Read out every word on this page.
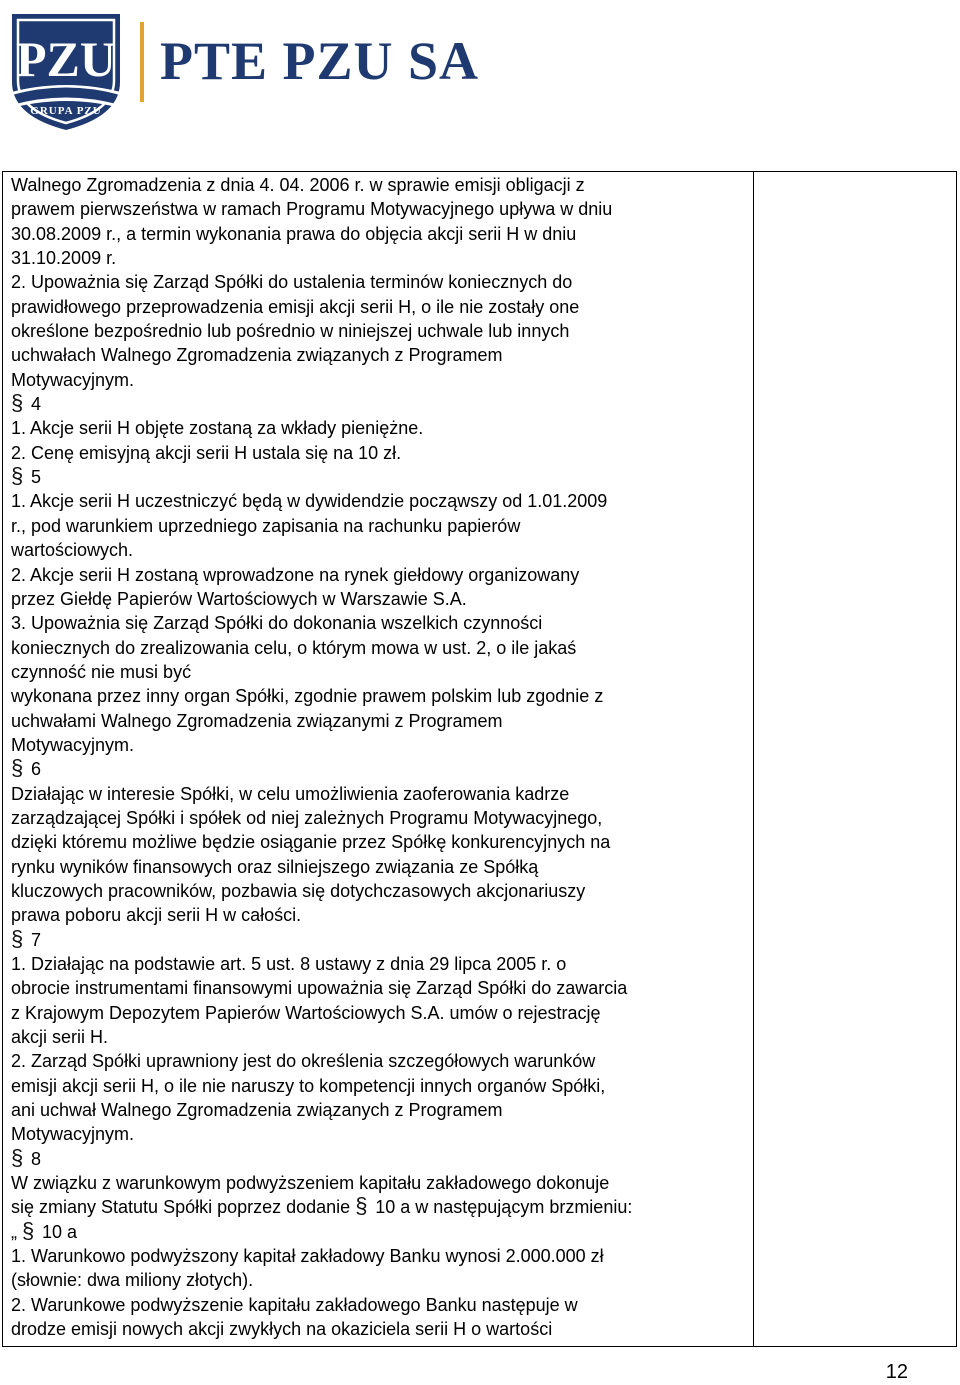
PZU
GRUPA PZU
PTE PZU SA

Walnego Zgromadzenia z dnia 4. 04. 2006 r. w sprawie emisji obligacji z

prawem pierwszeństwa w ramach Programu Motywacyjnego upływa w dniu

30.08.2009 r., a termin wykonania prawa do objęcia akcji serii H w dniu

31.10.2009 r.

2. Upoważnia się Zarząd Spółki do ustalenia terminów koniecznych do

prawidłowego przeprowadzenia emisji akcji serii H, o ile nie zostały one

określone bezpośrednio lub pośrednio w niniejszej uchwale lub innych

uchwałach Walnego Zgromadzenia związanych z Programem

Motywacyjnym.

§4

1. Akcje serii H objęte zostaną za wkłady pieniężne.

2. Cenę emisyjną akcji serii H ustala się na 10 zł.

§5

1. Akcje serii H uczestniczyć będą w dywidendzie począwszy od 1.01.2009

r., pod warunkiem uprzedniego zapisania na rachunku papierów

wartościowych.

2. Akcje serii H zostaną wprowadzone na rynek giełdowy organizowany

przez Giełdę Papierów Wartościowych w Warszawie S.A.

3. Upoważnia się Zarząd Spółki do dokonania wszelkich czynności

koniecznych do zrealizowania celu, o którym mowa w ust. 2, o ile jakaś

czynność nie musi być

wykonana przez inny organ Spółki, zgodnie prawem polskim lub zgodnie z

uchwałami Walnego Zgromadzenia związanymi z Programem

Motywacyjnym.

§6

Działając w interesie Spółki, w celu umożliwienia zaoferowania kadrze

zarządzającej Spółki i spółek od niej zależnych Programu Motywacyjnego,

dzięki któremu możliwe będzie osiąganie przez Spółkę konkurencyjnych na

rynku wyników finansowych oraz silniejszego związania ze Spółką

kluczowych pracowników, pozbawia się dotychczasowych akcjonariuszy

prawa poboru akcji serii H w całości.

§7

1. Działając na podstawie art. 5 ust. 8 ustawy z dnia 29 lipca 2005 r. o

obrocie instrumentami finansowymi upoważnia się Zarząd Spółki do zawarcia

z Krajowym Depozytem Papierów Wartościowych S.A. umów o rejestrację

akcji serii H.

2. Zarząd Spółki uprawniony jest do określenia szczegółowych warunków

emisji akcji serii H, o ile nie naruszy to kompetencji innych organów Spółki,

ani uchwał Walnego Zgromadzenia związanych z Programem

Motywacyjnym.

§8

W związku z warunkowym podwyższeniem kapitału zakładowego dokonuje

się zmiany Statutu Spółki poprzez dodanie § 10 a w następującym brzmieniu:

„ § 10 a

1. Warunkowo podwyższony kapitał zakładowy Banku wynosi 2.000.000 zł

(słownie: dwa miliony złotych).

2. Warunkowe podwyższenie kapitału zakładowego Banku następuje w

drodze emisji nowych akcji zwykłych na okaziciela serii H o wartości

12
